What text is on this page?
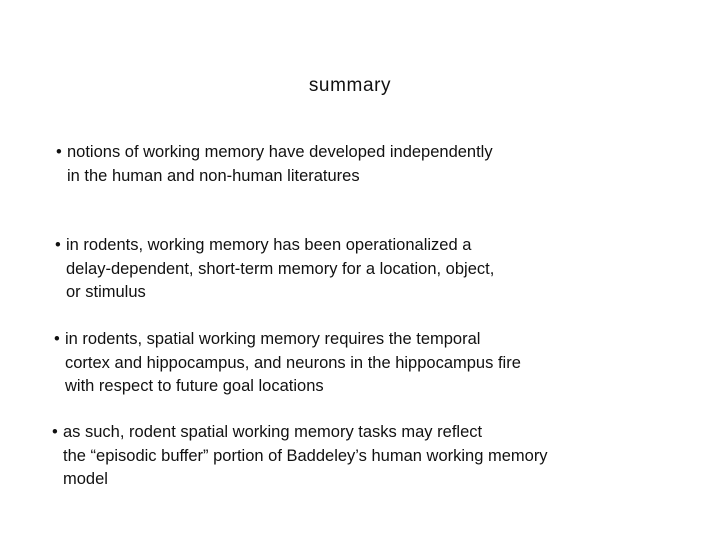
summary
• notions of working memory have developed independently
in the human and non-human literatures
• in rodents, working memory has been operationalized a
delay-dependent, short-term memory for a location, object,
or stimulus
• in rodents, spatial working memory requires the temporal
cortex and hippocampus, and neurons in the hippocampus fire
with respect to future goal locations
• as such, rodent spatial working memory tasks may reflect
the “episodic buffer” portion of Baddeley’s human working memory
model
